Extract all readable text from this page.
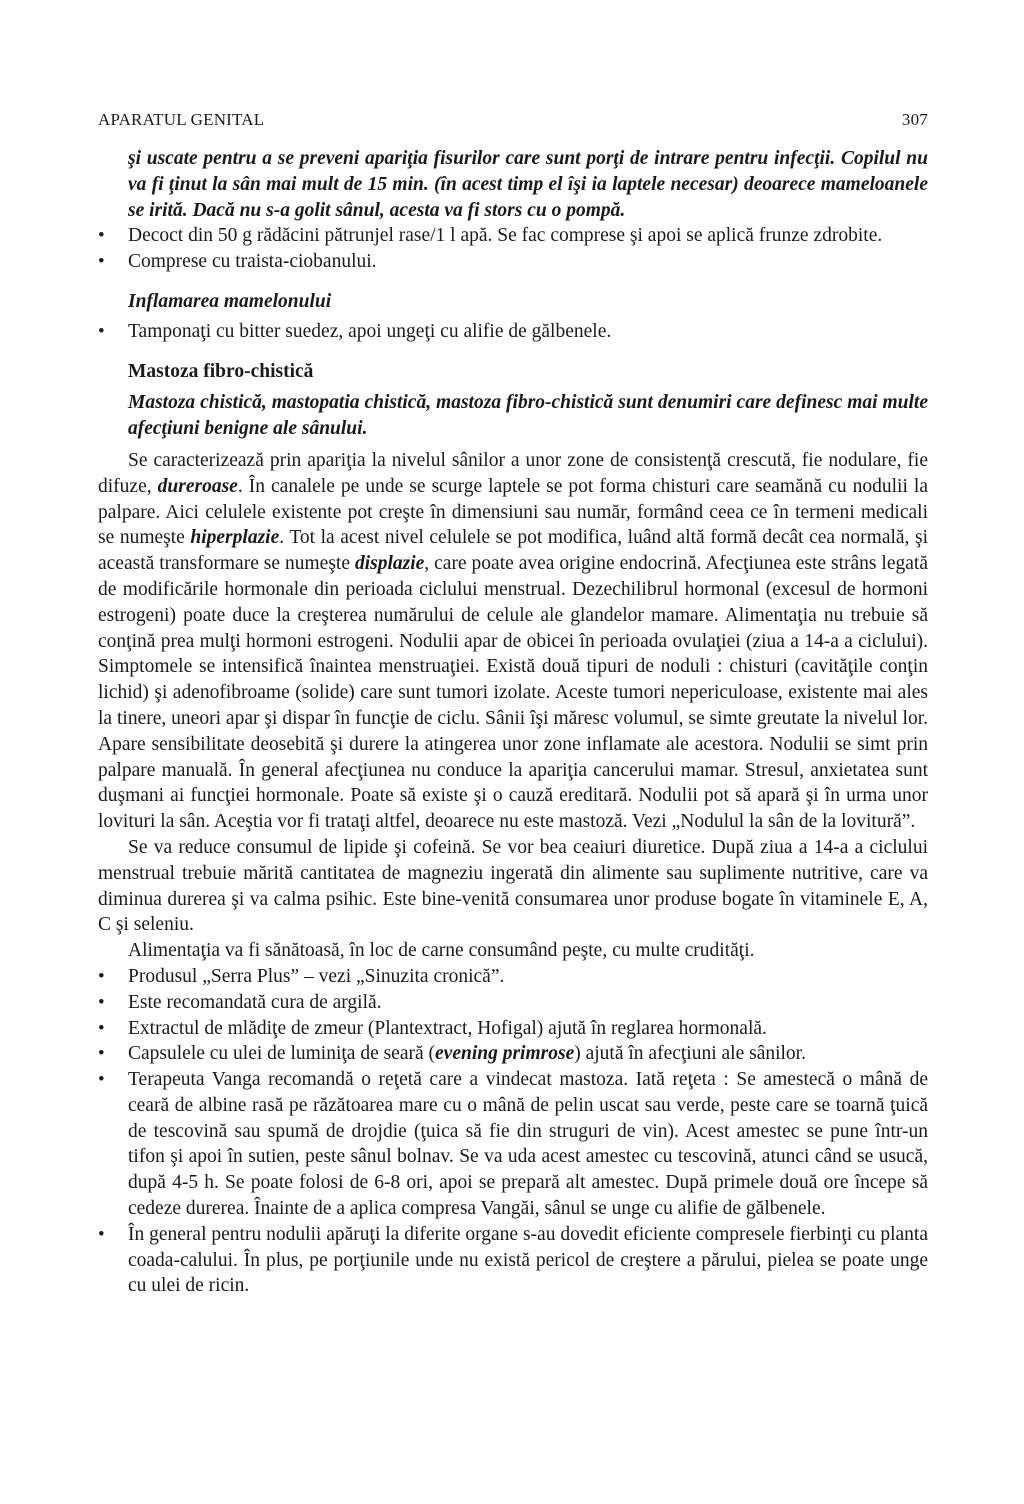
APARATUL GENITAL	307

şi uscate pentru a se preveni apariţia fisurilor care sunt porţi de intrare pentru infecţii. Copilul nu va fi ţinut la sân mai mult de 15 min. (în acest timp el îşi ia laptele necesar) deoarece mameloanele se irită. Dacă nu s-a golit sânul, acesta va fi stors cu o pompă.

• Decoct din 50 g rădăcini pătrunjel rase/1 l apă. Se fac comprese şi apoi se aplică frunze zdrobite.
• Comprese cu traista-ciobanului.

Inflamarea mamelonului

• Tamponaţi cu bitter suedez, apoi ungeţi cu alifie de gălbenele.

Mastoza fibro-chistică

Mastoza chistică, mastopatia chistică, mastoza fibro-chistică sunt denumiri care definesc mai multe afecţiuni benigne ale sânului.

Se caracterizează prin apariţia la nivelul sânilor a unor zone de consistenţă crescută, fie nodulare, fie difuze, dureroase. În canalele pe unde se scurge laptele se pot forma chisturi care seamănă cu nodulii la palpare. Aici celulele existente pot creşte în dimensiuni sau număr, formând ceea ce în termeni medicali se numeşte hiperplazie. Tot la acest nivel celulele se pot modifica, luând altă formă decât cea normală, şi această transformare se numeşte displazie, care poate avea origine endocrină. Afecţiunea este strâns legată de modificările hormonale din perioada ciclului menstrual. Dezechilibrul hormonal (excesul de hormoni estrogeni) poate duce la creşterea numărului de celule ale glandelor mamare. Alimentaţia nu trebuie să conţină prea mulţi hormoni estrogeni. Nodulii apar de obicei în perioada ovulaţiei (ziua a 14-a a ciclului). Simptomele se intensifică înaintea menstruaţiei. Există două tipuri de noduli : chisturi (cavităţile conţin lichid) şi adenofibroame (solide) care sunt tumori izolate. Aceste tumori nepericuloase, existente mai ales la tinere, uneori apar şi dispar în funcţie de ciclu. Sânii îşi măresc volumul, se simte greutate la nivelul lor. Apare sensibilitate deosebită şi durere la atingerea unor zone inflamate ale acestora. Nodulii se simt prin palpare manuală. În general afecţiunea nu conduce la apariţia cancerului mamar. Stresul, anxietatea sunt duşmani ai funcţiei hormonale. Poate să existe şi o cauză ereditară. Nodulii pot să apară şi în urma unor lovituri la sân. Aceştia vor fi trataţi altfel, deoarece nu este mastoză. Vezi „Nodulul la sân de la lovitură”.

Se va reduce consumul de lipide şi cofeină. Se vor bea ceaiuri diuretice. După ziua a 14-a a ciclului menstrual trebuie mărită cantitatea de magneziu ingerată din alimente sau suplimente nutritive, care va diminua durerea şi va calma psihic. Este bine-venită consumarea unor produse bogate în vitaminele E, A, C şi seleniu.

Alimentaţia va fi sănătoasă, în loc de carne consumând peşte, cu multe crudităţi.

• Produsul „Serra Plus” – vezi „Sinuzita cronică”.
• Este recomandată cura de argilă.
• Extractul de mlădiţe de zmeur (Plantextract, Hofigal) ajută în reglarea hormonală.
• Capsulele cu ulei de luminiţa de seară (evening primrose) ajută în afecţiuni ale sânilor.
• Terapeuta Vanga recomandă o reţetă care a vindecat mastoza. Iată reţeta : Se amestecă o mână de ceară de albine rasă pe răzătoarea mare cu o mână de pelin uscat sau verde, peste care se toarnă ţuică de tescovină sau spumă de drojdie (ţuica să fie din struguri de vin). Acest amestec se pune într-un tifon şi apoi în sutien, peste sânul bolnav. Se va uda acest amestec cu tescovină, atunci când se usucă, după 4-5 h. Se poate folosi de 6-8 ori, apoi se prepară alt amestec. După primele două ore începe să cedeze durerea. Înainte de a aplica compresa Vangăi, sânul se unge cu alifie de gălbenele.
• În general pentru nodulii apăruţi la diferite organe s-au dovedit eficiente compresele fierbinţi cu planta coada-calului. În plus, pe porţiunile unde nu există pericol de creştere a părului, pielea se poate unge cu ulei de ricin.
